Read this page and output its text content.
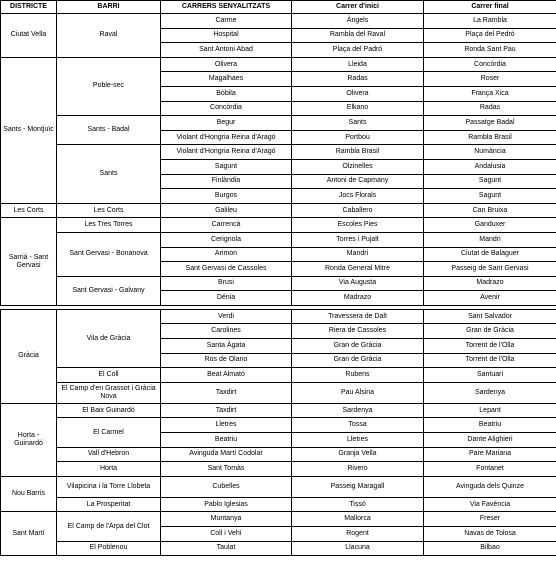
DISTRICTE	BARRI	CARRERS SENYALITZATS	Carrer d'inici	Carrer final
Ciutat Vella	Raval	Carme	Àngels	La Rambla
		Hospital	Rambla del Raval	Plaça del Pedró
		Sant Antoni Abad	Plaça del Padró	Ronda Sant Pau
Sants - Montjuïc	Poble-sec	Olivera	Lleida	Concòrdia
		Magalhaes	Radas	Roser
		Bòbila	Olivera	França Xica
		Concòrdia	Elkano	Radas
	Sants - Badal	Begur	Sants	Passatge Badal
		Violant d'Hongria Reina d'Aragó	Portbou	Rambla Brasil
	Sants	Violant d'Hongria Reina d'Aragó	Rambla Brasil	Numància
		Sagunt	Olzinelles	Andalusia
		Finlàndia	Antoni de Capmany	Sagunt
		Burgos	Jocs Florals	Sagunt
Les Corts	Les Corts	Galileu	Caballero	Can Bruixa
Sarrià - Sant Gervasi	Les Tres Torres	Carrencà	Escoles Pies	Ganduxer
	Sant Gervasi - Bonanova	Cerignola	Torres i Pujalt	Mandri
		Arimon	Mandri	Ciutat de Balaguer
		Sant Gervasi de Cassoles	Ronda General Mitre	Passeig de Sant Gervasi
	Sant Gervasi - Galvany	Brusi	Via Augusta	Madrazo
		Dénia	Madrazo	Avenir

Gràcia	Vila de Gràcia	Verdi	Travessera de Dalt	Sant Salvador
		Carolines	Riera de Cassoles	Gran de Gràcia
		Santa Àgata	Gran de Gràcia	Torrent de l'Olla
		Ros de Olano	Gran de Gràcia	Torrent de l'Olla
	El Coll	Beat Almató	Rubens	Santuari
	El Camp d'en Grassot i Gràcia Nova	Taxdirt	Pau Alsina	Sardenya
Horta - Guinardó	El Baix Guinardó	Taxdirt	Sardenya	Lepant
	El Carmel	Lletres	Tossa	Beatriu
		Beatriu	Lletres	Dante Alighieri
	Vall d'Hebron	Avinguda Martí Codolar	Granja Vella	Pare Mariana
	Horta	Sant Tomàs	Rivero	Fontanet
Nou Barris	Vilapicina i la Torre Llobeta	Cubelles	Passeig Maragall	Avinguda dels Quinze
	La Prosperitat	Pablo Iglesias	Tissó	Via Favència
Sant Martí	El Camp de l'Arpa del Clot	Muntanya	Mallorca	Freser
		Coll i Vehí	Rogent	Navas de Tolosa
	El Poblenou	Taulat	Llacuna	Bilbao
